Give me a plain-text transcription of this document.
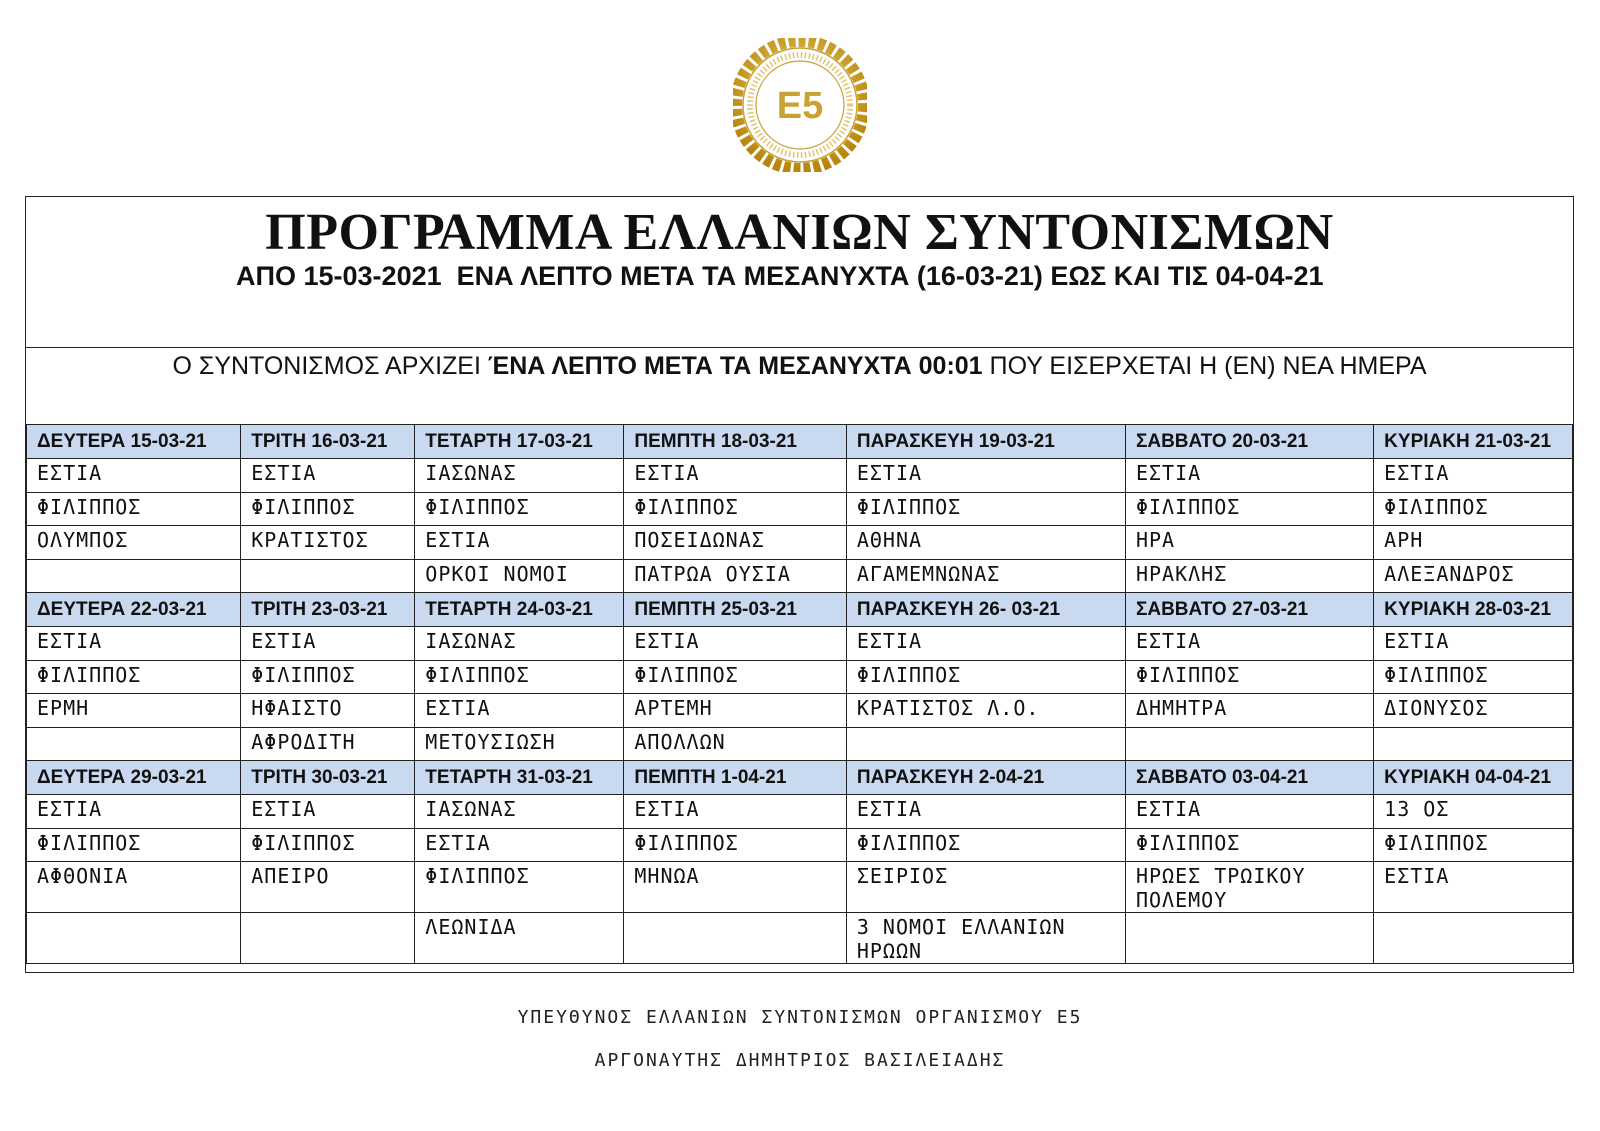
Ε5
ΠΡΟΓΡΑΜΜΑ ΕΛΛΑΝΙΩΝ ΣΥΝΤΟΝΙΣΜΩΝ
ΑΠΟ 15-03-2021  ΕΝΑ ΛΕΠΤΟ ΜΕΤΑ ΤΑ ΜΕΣΑΝΥΧΤΑ (16-03-21) ΕΩΣ ΚΑΙ ΤΙΣ 04-04-21
Ο ΣΥΝΤΟΝΙΣΜΟΣ ΑΡΧΙΖΕΙ ΈΝΑ ΛΕΠΤΟ ΜΕΤΑ ΤΑ ΜΕΣΑΝΥΧΤΑ 00:01 ΠΟΥ ΕΙΣΕΡΧΕΤΑΙ Η (ΕΝ) ΝΕΑ ΗΜΕΡΑ
ΔΕΥΤΕΡΑ 15-03-21	ΤΡΙΤΗ 16-03-21	ΤΕΤΑΡΤΗ 17-03-21	ΠΕΜΠΤΗ 18-03-21	ΠΑΡΑΣΚΕΥΗ 19-03-21	ΣΑΒΒΑΤΟ 20-03-21	ΚΥΡΙΑΚΗ 21-03-21
ΕΣΤΙΑ	ΕΣΤΙΑ	ΙΑΣΩΝΑΣ	ΕΣΤΙΑ	ΕΣΤΙΑ	ΕΣΤΙΑ	ΕΣΤΙΑ
ΦΙΛΙΠΠΟΣ	ΦΙΛΙΠΠΟΣ	ΦΙΛΙΠΠΟΣ	ΦΙΛΙΠΠΟΣ	ΦΙΛΙΠΠΟΣ	ΦΙΛΙΠΠΟΣ	ΦΙΛΙΠΠΟΣ
ΟΛΥΜΠΟΣ	ΚΡΑΤΙΣΤΟΣ	ΕΣΤΙΑ	ΠΟΣΕΙΔΩΝΑΣ	ΑΘΗΝΑ	ΗΡΑ	ΑΡΗ
		ΟΡΚΟΙ ΝΟΜΟΙ	ΠΑΤΡΩΑ ΟΥΣΙΑ	ΑΓΑΜΕΜΝΩΝΑΣ	ΗΡΑΚΛΗΣ	ΑΛΕΞΑΝΔΡΟΣ
ΔΕΥΤΕΡΑ 22-03-21	ΤΡΙΤΗ 23-03-21	ΤΕΤΑΡΤΗ 24-03-21	ΠΕΜΠΤΗ 25-03-21	ΠΑΡΑΣΚΕΥΗ 26- 03-21	ΣΑΒΒΑΤΟ 27-03-21	ΚΥΡΙΑΚΗ 28-03-21
ΕΣΤΙΑ	ΕΣΤΙΑ	ΙΑΣΩΝΑΣ	ΕΣΤΙΑ	ΕΣΤΙΑ	ΕΣΤΙΑ	ΕΣΤΙΑ
ΦΙΛΙΠΠΟΣ	ΦΙΛΙΠΠΟΣ	ΦΙΛΙΠΠΟΣ	ΦΙΛΙΠΠΟΣ	ΦΙΛΙΠΠΟΣ	ΦΙΛΙΠΠΟΣ	ΦΙΛΙΠΠΟΣ
ΕΡΜΗ	ΗΦΑΙΣΤΟ	ΕΣΤΙΑ	ΑΡΤΕΜΗ	ΚΡΑΤΙΣΤΟΣ Λ.Ο.	ΔΗΜΗΤΡΑ	ΔΙΟΝΥΣΟΣ
	ΑΦΡΟΔΙΤΗ	ΜΕΤΟΥΣΙΩΣΗ	ΑΠΟΛΛΩΝ			
ΔΕΥΤΕΡΑ 29-03-21	ΤΡΙΤΗ 30-03-21	ΤΕΤΑΡΤΗ 31-03-21	ΠΕΜΠΤΗ 1-04-21	ΠΑΡΑΣΚΕΥΗ 2-04-21	ΣΑΒΒΑΤΟ 03-04-21	ΚΥΡΙΑΚΗ 04-04-21
ΕΣΤΙΑ	ΕΣΤΙΑ	ΙΑΣΩΝΑΣ	ΕΣΤΙΑ	ΕΣΤΙΑ	ΕΣΤΙΑ	13 ΟΣ
ΦΙΛΙΠΠΟΣ	ΦΙΛΙΠΠΟΣ	ΕΣΤΙΑ	ΦΙΛΙΠΠΟΣ	ΦΙΛΙΠΠΟΣ	ΦΙΛΙΠΠΟΣ	ΦΙΛΙΠΠΟΣ
ΑΦΘΟΝΙΑ	ΑΠΕΙΡΟ	ΦΙΛΙΠΠΟΣ	ΜΗΝΩΑ	ΣΕΙΡΙΟΣ	ΗΡΩΕΣ ΤΡΩΙΚΟΥ ΠΟΛΕΜΟΥ	ΕΣΤΙΑ
		ΛΕΩΝΙΔΑ		3 ΝΟΜΟΙ ΕΛΛΑΝΙΩΝ ΗΡΩΩΝ		
ΥΠΕΥΘΥΝΟΣ ΕΛΛΑΝΙΩΝ ΣΥΝΤΟΝΙΣΜΩΝ ΟΡΓΑΝΙΣΜΟΥ Ε5
ΑΡΓΟΝΑΥΤΗΣ ΔΗΜΗΤΡΙΟΣ ΒΑΣΙΛΕΙΑΔΗΣ
